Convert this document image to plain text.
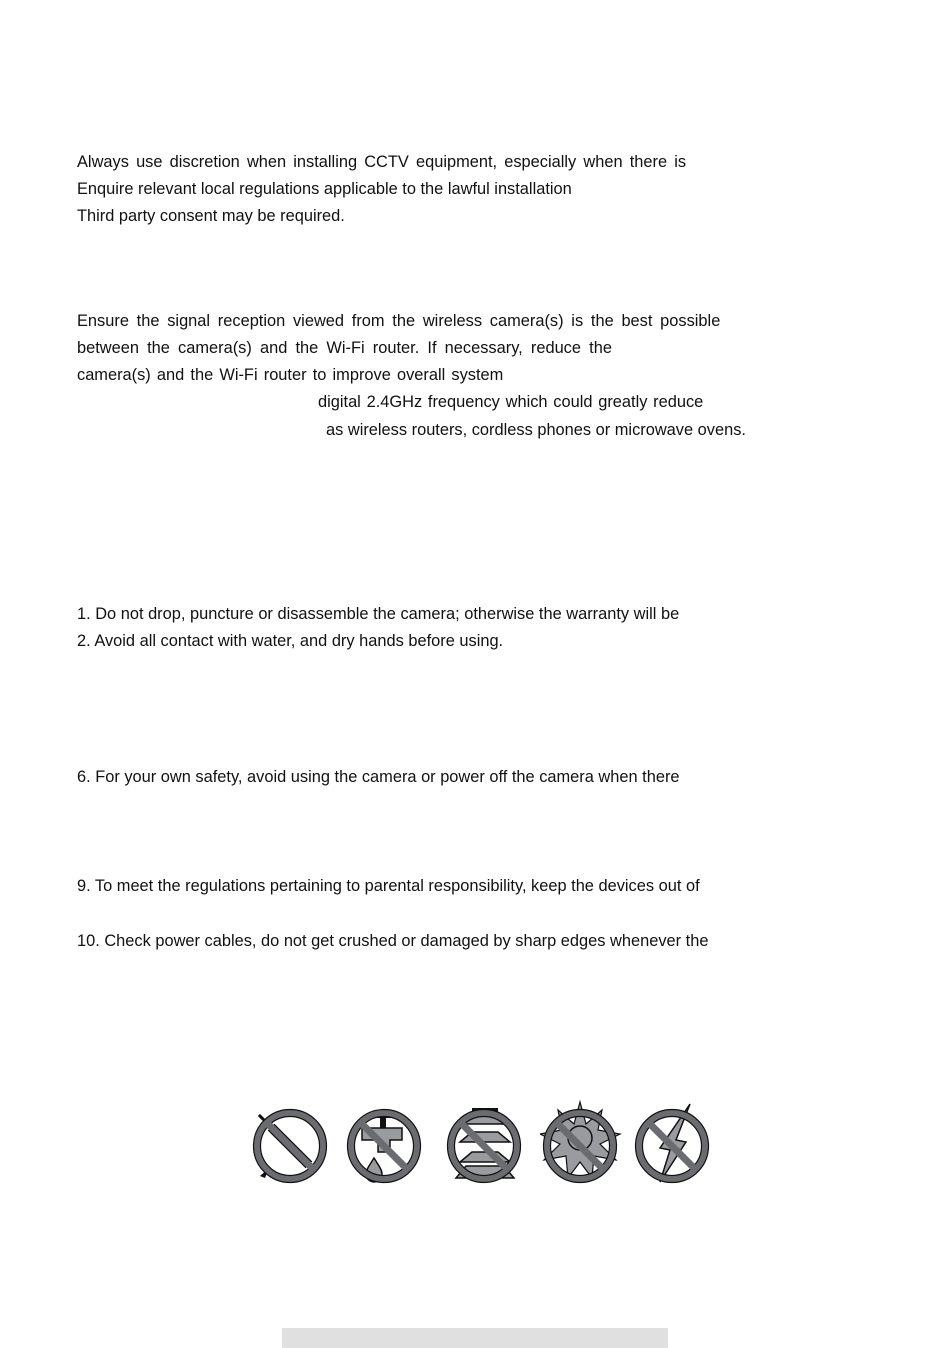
Always use discretion when installing CCTV equipment, especially when there is
Enquire relevant local regulations applicable to the lawful installation
Third party consent may be required.
Ensure the signal reception viewed from the wireless camera(s) is the best possible
between the camera(s) and the Wi-Fi router. If necessary, reduce the
camera(s) and the Wi-Fi router to improve overall system
digital 2.4GHz frequency which could greatly reduce
as wireless routers, cordless phones or microwave ovens.
1. Do not drop, puncture or disassemble the camera; otherwise the warranty will be
2. Avoid all contact with water, and dry hands before using.
6. For your own safety, avoid using the camera or power off the camera when there
9. To meet the regulations pertaining to parental responsibility, keep the devices out of
10. Check power cables, do not get crushed or damaged by sharp edges whenever the
